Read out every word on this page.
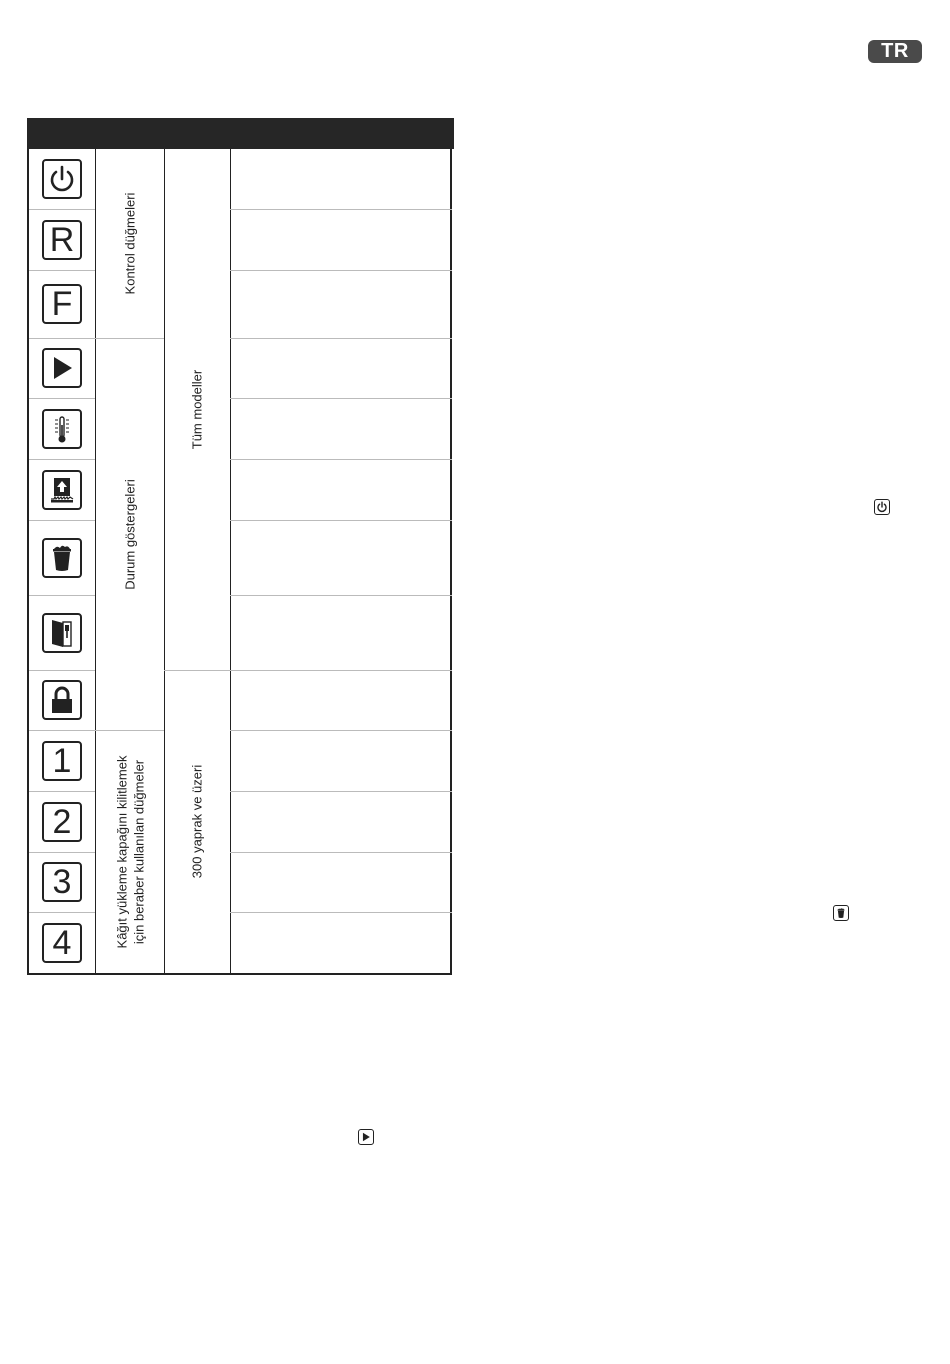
TR
R
F
1
2
3
4
Kontrol düğmeleri
Durum göstergeleri
Kâğıt yükleme kapağını kilitlemek için beraber kullanılan düğmeler
Tüm modeller
300 yaprak ve üzeri
